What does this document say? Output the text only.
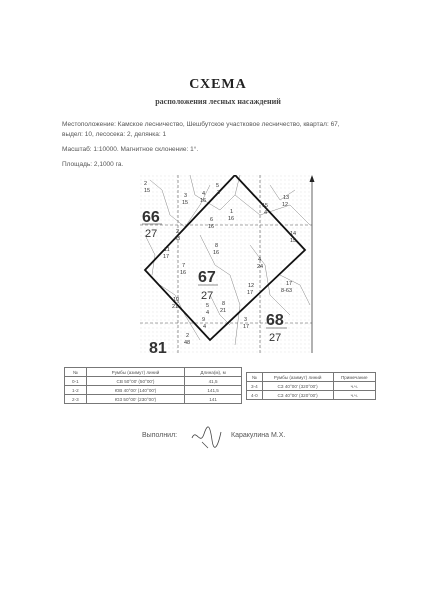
СХЕМА
расположения лесных насаждений
Местоположение: Камское лесничество, Шешбутское участковое лесничество, квартал: 67,
выдел: 10, лесосека: 2, делянка: 1
Масштаб: 1:10000. Магнитное склонение: 1°.
Площадь: 2,1000 га.
66
27
67
27
68
27
81
2
15
3
15
4
16
5
3
1
16
2
43
11
17
6
16
15
4
13
12
14
15
7
16
8
16
9
4
10
21
4
24
12
17
17
8-63
2
48
3
17
5
4
8
21
№	Румбы (азимут) линий	Длина(м), м
0-1	СВ 50°00' (50°00')	41,5
1-2	ЮВ 40°00' (140°00')	141,5
2-3	ЮЗ 50°00' (230°00')	141
№	Румбы (азимут) линий	Примечание
3-4	СЗ 40°00' (320°00')	ч.ч.
4-0	СЗ 40°00' (320°00')	ч.ч.
Выполнил:	Каракулина М.Х.
